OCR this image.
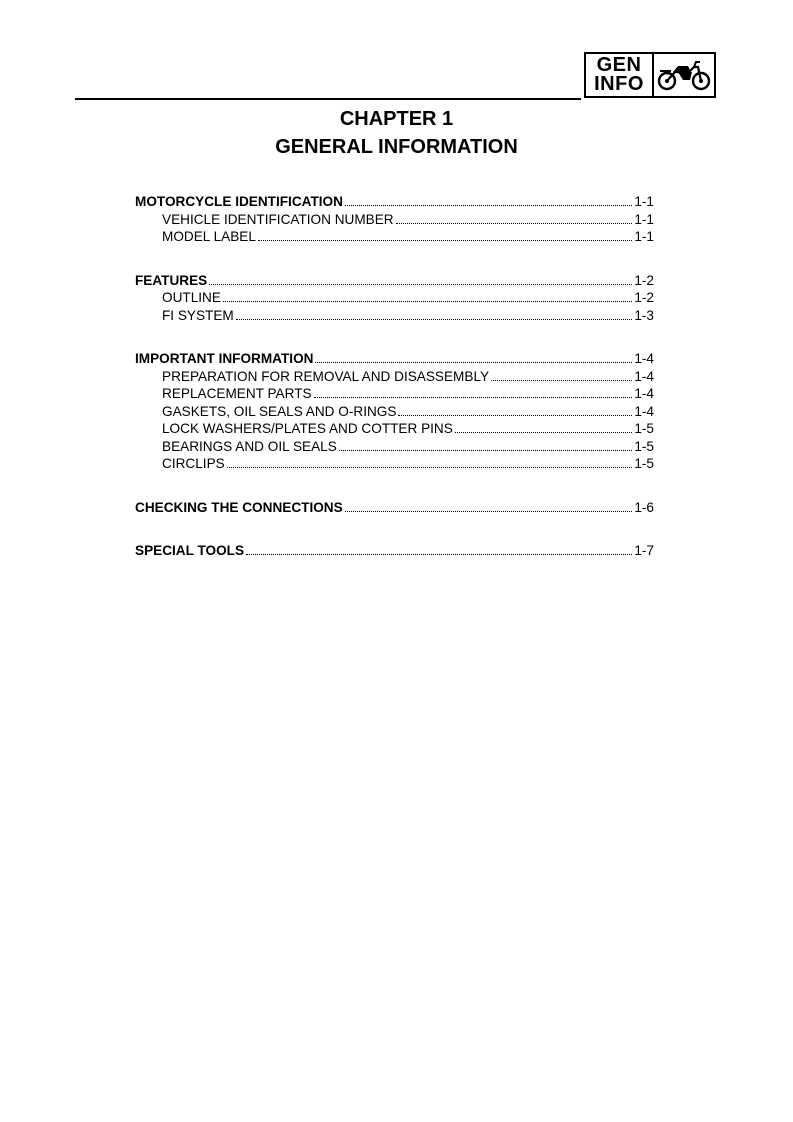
GEN
INFO
CHAPTER 1
GENERAL INFORMATION
MOTORCYCLE IDENTIFICATION	1-1
VEHICLE IDENTIFICATION NUMBER	1-1
MODEL LABEL	1-1
FEATURES	1-2
OUTLINE	1-2
FI SYSTEM	1-3
IMPORTANT INFORMATION	1-4
PREPARATION FOR REMOVAL AND DISASSEMBLY	1-4
REPLACEMENT PARTS	1-4
GASKETS, OIL SEALS AND O-RINGS	1-4
LOCK WASHERS/PLATES AND COTTER PINS	1-5
BEARINGS AND OIL SEALS	1-5
CIRCLIPS	1-5
CHECKING THE CONNECTIONS	1-6
SPECIAL TOOLS	1-7
